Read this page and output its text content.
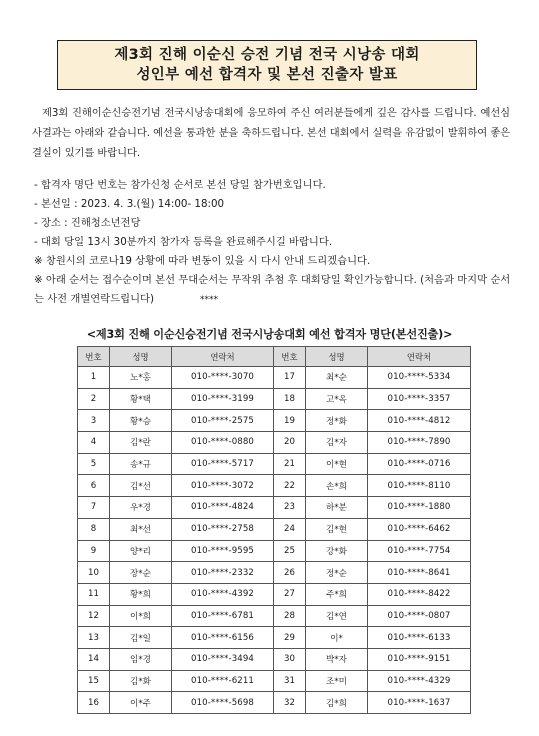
제3회 진해 이순신 승전 기념 전국 시낭송 대회
성인부 예선 합격자 및 본선 진출자 발표
제3회 진해이순신승전기념 전국시낭송대회에 응모하여 주신 여러분들에게 깊은 감사를 드립니다. 예선심사결과는 아래와 같습니다. 예선을 통과한 분을 축하드립니다. 본선 대회에서 실력을 유감없이 발휘하여 좋은 결실이 있기를 바랍니다.
- 합격자 명단 번호는 참가신청 순서로 본선 당일 참가번호입니다.
- 본선일 : 2023. 4. 3.(월) 14:00- 18:00
- 장소 : 진해청소년전당
- 대회 당일 13시 30분까지 참가자 등록을 완료해주시길 바랍니다.
※ 창원시의 코로나19 상황에 따라 변동이 있을 시 다시 안내 드리겠습니다.
※ 아래 순서는 접수순이며 본선 무대순서는 무작위 추첨 후 대회당일 확인가능합니다. (처음과 마지막 순서는 사전 개별연락드립니다)	****
<제3회 진해 이순신승전기념 전국시낭송대회 예선 합격자 명단(본선진출)>
번호	성명	연락처	번호	성명	연락처
1	노*홍	010-****-3070	17	최*순	010-****-5334
2	황*택	010-****-3199	18	고*옥	010-****-3357
3	황*승	010-****-2575	19	정*화	010-****-4812
4	김*란	010-****-0880	20	김*자	010-****-7890
5	송*규	010-****-5717	21	이*현	010-****-0716
6	김*선	010-****-3072	22	손*희	010-****-8110
7	우*경	010-****-4824	23	하*분	010-****-1880
8	최*선	010-****-2758	24	김*현	010-****-6462
9	양*리	010-****-9595	25	강*화	010-****-7754
10	장*순	010-****-2332	26	정*순	010-****-8641
11	황*희	010-****-4392	27	주*희	010-****-8422
12	이*희	010-****-6781	28	김*연	010-****-0807
13	김*일	010-****-6156	29	이*	010-****-6133
14	임*경	010-****-3494	30	박*자	010-****-9151
15	김*화	010-****-6211	31	조*미	010-****-4329
16	이*주	010-****-5698	32	김*희	010-****-1637
